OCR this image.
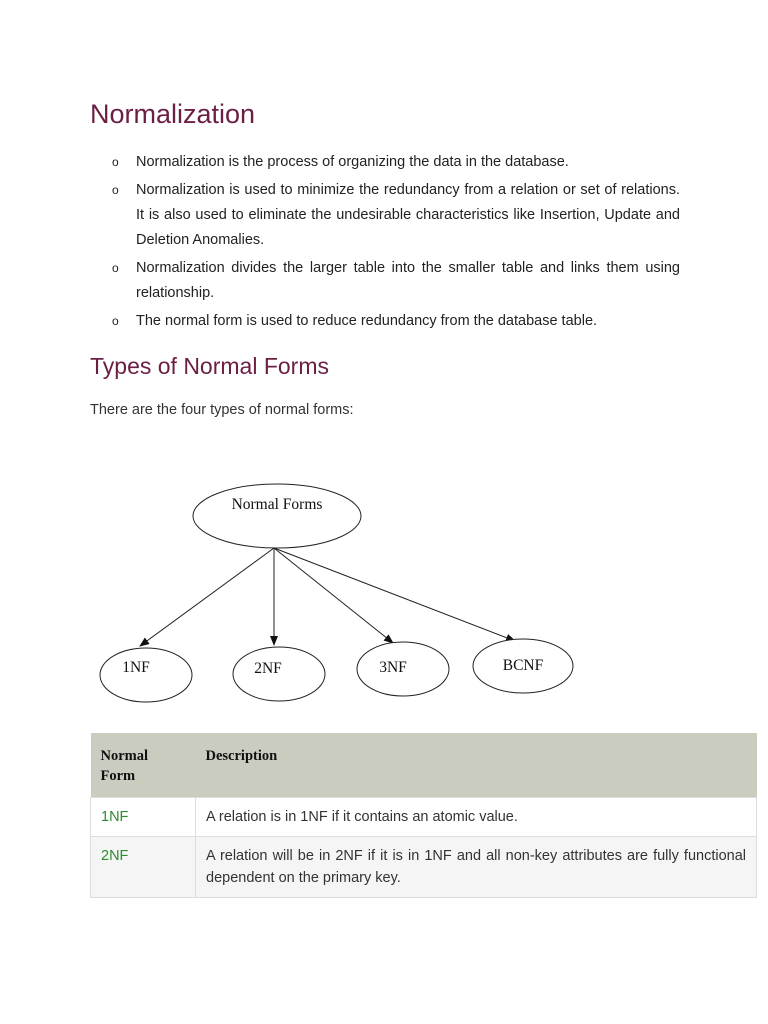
Normalization
o Normalization is the process of organizing the data in the database.
o Normalization is used to minimize the redundancy from a relation or set of relations. It is also used to eliminate the undesirable characteristics like Insertion, Update and Deletion Anomalies.
o Normalization divides the larger table into the smaller table and links them using relationship.
o The normal form is used to reduce redundancy from the database table.
Types of Normal Forms

There are the four types of normal forms:

Normal Forms
1NF	2NF	3NF	BCNF
Normal Form	Description
1NF	A relation is in 1NF if it contains an atomic value.
2NF	A relation will be in 2NF if it is in 1NF and all non-key attributes are fully functional dependent on the primary key.
